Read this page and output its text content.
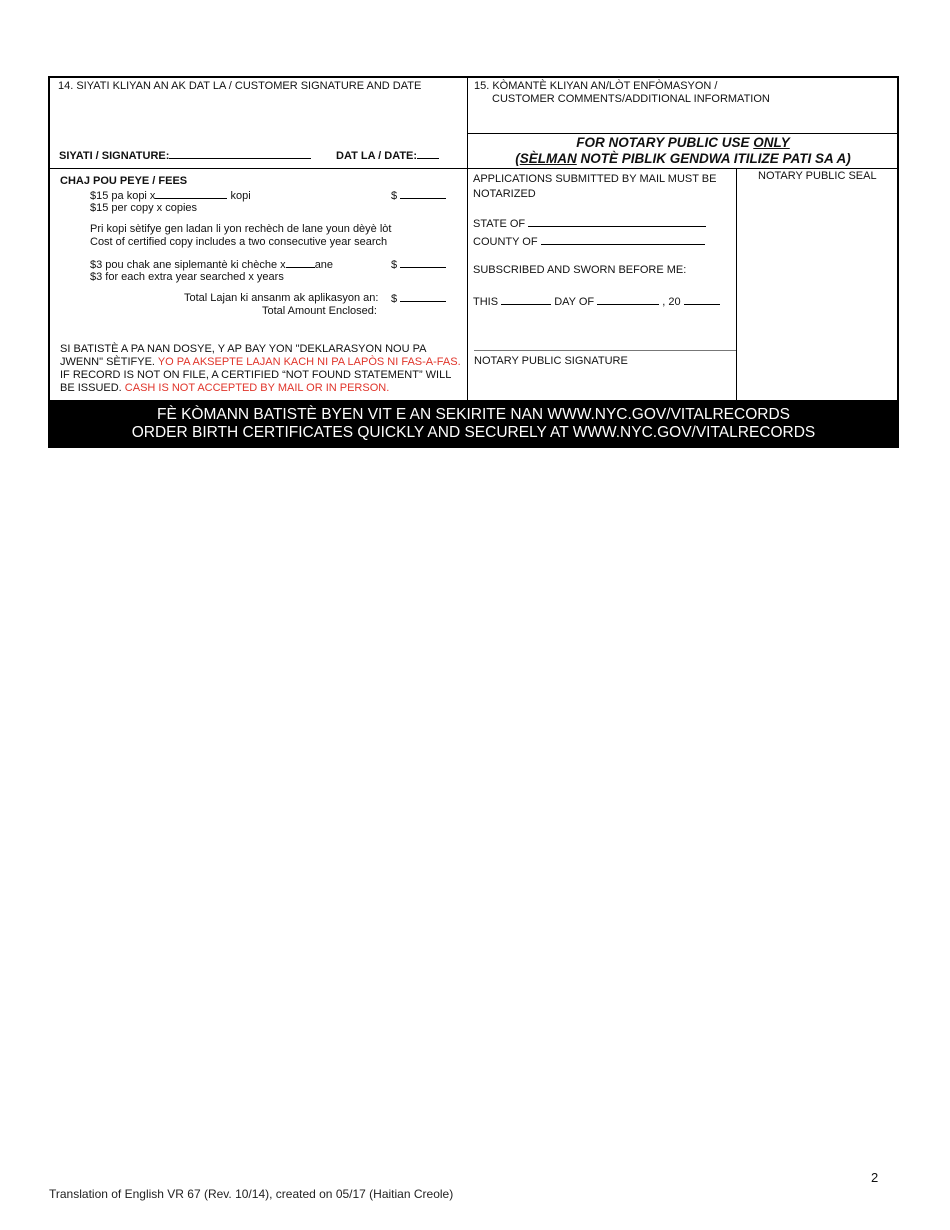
14. SIYATI KLIYAN AN AK DAT LA / CUSTOMER SIGNATURE AND DATE
SIYATI / SIGNATURE:	DAT LA / DATE:
15. KÒMANTÈ KLIYAN AN/LÒT ENFÒMASYON /
CUSTOMER COMMENTS/ADDITIONAL INFORMATION
FOR NOTARY PUBLIC USE ONLY
(SÈLMAN NOTÈ PIBLIK GENDWA ITILIZE PATI SA A)
CHAJ POU PEYE / FEES
$15 pa kopi x	kopi
$15 per copy x copies
$
Pri kopi sètifye gen ladan li yon rechèch de lane youn dèyè lòt
Cost of certified copy includes a two consecutive year search
$3 pou chak ane siplemantè ki chèche x	ane
$3 for each extra year searched x years
$
Total Lajan ki ansanm ak aplikasyon an:
Total Amount Enclosed:
$
SI BATISTÈ A PA NAN DOSYE, Y AP BAY YON "DEKLARASYON NOU PA
JWENN" SÈTIFYE. YO PA AKSEPTE LAJAN KACH NI PA LAPÒS NI FAS-A-FAS.
IF RECORD IS NOT ON FILE, A CERTIFIED “NOT FOUND STATEMENT” WILL
BE ISSUED. CASH IS NOT ACCEPTED BY MAIL OR IN PERSON.
APPLICATIONS SUBMITTED BY MAIL MUST BE
NOTARIZED
STATE OF
COUNTY OF
SUBSCRIBED AND SWORN BEFORE ME:
THIS	DAY OF	, 20
NOTARY PUBLIC SIGNATURE
NOTARY PUBLIC SEAL
FÈ KÒMANN BATISTÈ BYEN VIT E AN SEKIRITE NAN WWW.NYC.GOV/VITALRECORDS
ORDER BIRTH CERTIFICATES QUICKLY AND SECURELY AT WWW.NYC.GOV/VITALRECORDS
2
Translation of English VR 67 (Rev. 10/14), created on 05/17 (Haitian Creole)
